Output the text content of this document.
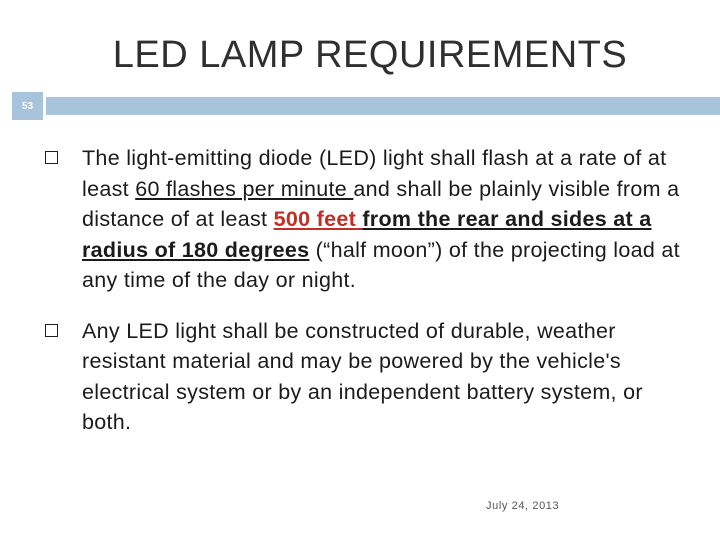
LED LAMP REQUIREMENTS
53
The light-emitting diode (LED) light shall flash at a rate of at least 60 flashes per minute and shall be plainly visible from a distance of at least 500 feet from the rear and sides at a radius of 180 degrees (“half moon”) of the projecting load at any time of the day or night.
Any LED light shall be constructed of durable, weather resistant material and may be powered by the vehicle's electrical system or by an independent battery system, or both.
July 24, 2013
